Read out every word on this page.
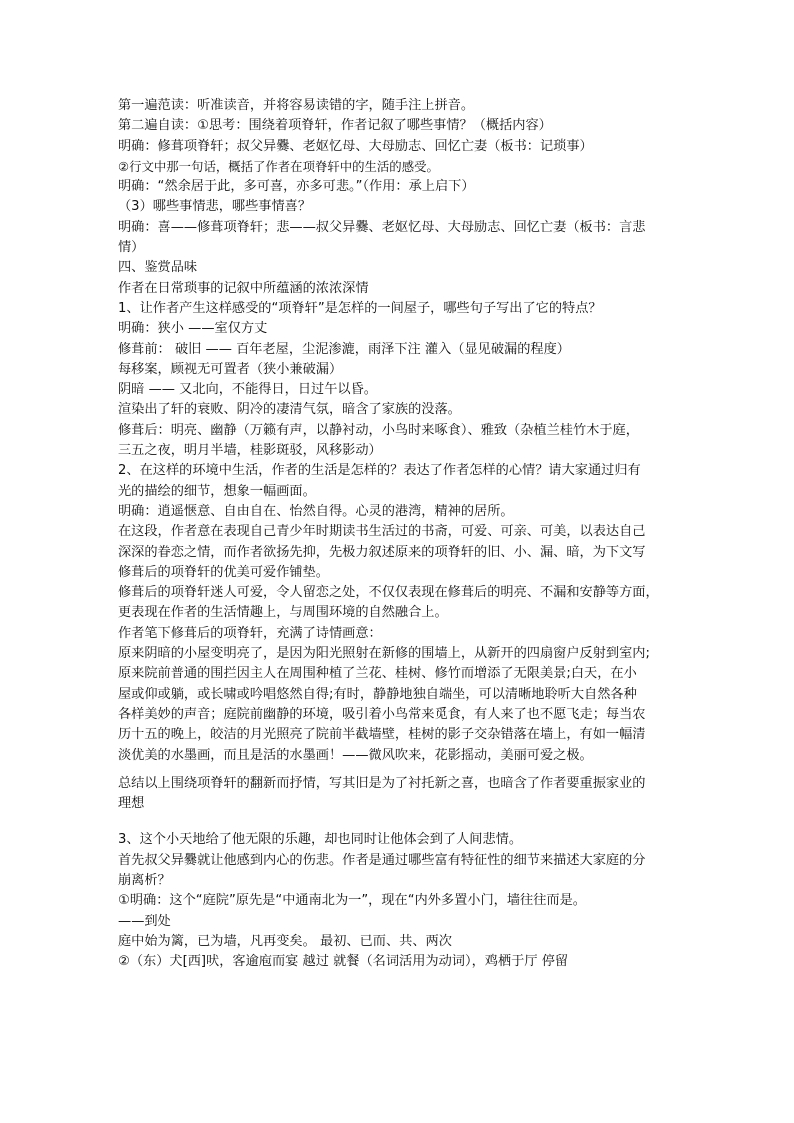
第一遍范读：听准读音，并将容易读错的字，随手注上拼音。

第二遍自读：①思考：围绕着项脊轩，作者记叙了哪些事情？（概括内容）

明确：修葺项脊轩；叔父异爨、老妪忆母、大母励志、回忆亡妻（板书：记琐事）

②行文中那一句话，概括了作者在项脊轩中的生活的感受。

明确：“然余居于此，多可喜，亦多可悲。”（作用：承上启下）

（3）哪些事情悲，哪些事情喜？

明确：喜——修葺项脊轩；悲——叔父异爨、老妪忆母、大母励志、回忆亡妻（板书：言悲

情）

四、鉴赏品味

作者在日常琐事的记叙中所蕴涵的浓浓深情

1、让作者产生这样感受的“项脊轩”是怎样的一间屋子，哪些句子写出了它的特点？

明确：狭小 ——室仅方丈

修葺前： 破旧 —— 百年老屋，尘泥渗漉，雨泽下注 灌入（显见破漏的程度）

每移案，顾视无可置者（狭小兼破漏）

阴暗 —— 又北向，不能得日，日过午以昏。

渲染出了轩的衰败、阴冷的凄清气氛，暗含了家族的没落。

修葺后：明亮、幽静（万籁有声，以静衬动，小鸟时来啄食）、雅致（杂植兰桂竹木于庭，

三五之夜，明月半墙，桂影斑驳，风移影动）

2、在这样的环境中生活，作者的生活是怎样的？表达了作者怎样的心情？请大家通过归有

光的描绘的细节，想象一幅画面。

明确：逍遥惬意、自由自在、怡然自得。心灵的港湾，精神的居所。

在这段，作者意在表现自己青少年时期读书生活过的书斋，可爱、可亲、可美，以表达自己

深深的眷恋之情，而作者欲扬先抑，先极力叙述原来的项脊轩的旧、小、漏、暗，为下文写

修葺后的项脊轩的优美可爱作铺垫。

修葺后的项脊轩迷人可爱，令人留恋之处，不仅仅表现在修葺后的明亮、不漏和安静等方面，

更表现在作者的生活情趣上，与周围环境的自然融合上。

作者笔下修葺后的项脊轩，充满了诗情画意：

原来阴暗的小屋变明亮了，是因为阳光照射在新修的围墙上，从新开的四扇窗户反射到室内;

原来院前普通的围拦因主人在周围种植了兰花、桂树、修竹而增添了无限美景;白天，在小

屋或仰或躺，或长啸或吟唱悠然自得;有时，静静地独自端坐，可以清晰地聆听大自然各种

各样美妙的声音；庭院前幽静的环境，吸引着小鸟常来觅食，有人来了也不愿飞走；每当农

历十五的晚上，皎洁的月光照亮了院前半截墙壁，桂树的影子交杂错落在墙上，有如一幅清

淡优美的水墨画，而且是活的水墨画！——微风吹来，花影摇动，美丽可爱之极。

总结以上围绕项脊轩的翻新而抒情，写其旧是为了衬托新之喜，也暗含了作者要重振家业的

理想

3、这个小天地给了他无限的乐趣，却也同时让他体会到了人间悲情。

首先叔父异爨就让他感到内心的伤悲。作者是通过哪些富有特征性的细节来描述大家庭的分

崩离析？

①明确：这个“庭院”原先是“中通南北为一”，现在“内外多置小门，墙往往而是。

——到处

庭中始为篱，已为墙，凡再变矣。 最初、已而、共、两次

②（东）犬[西]吠，客逾庖而宴 越过 就餐（名词活用为动词），鸡栖于厅 停留
